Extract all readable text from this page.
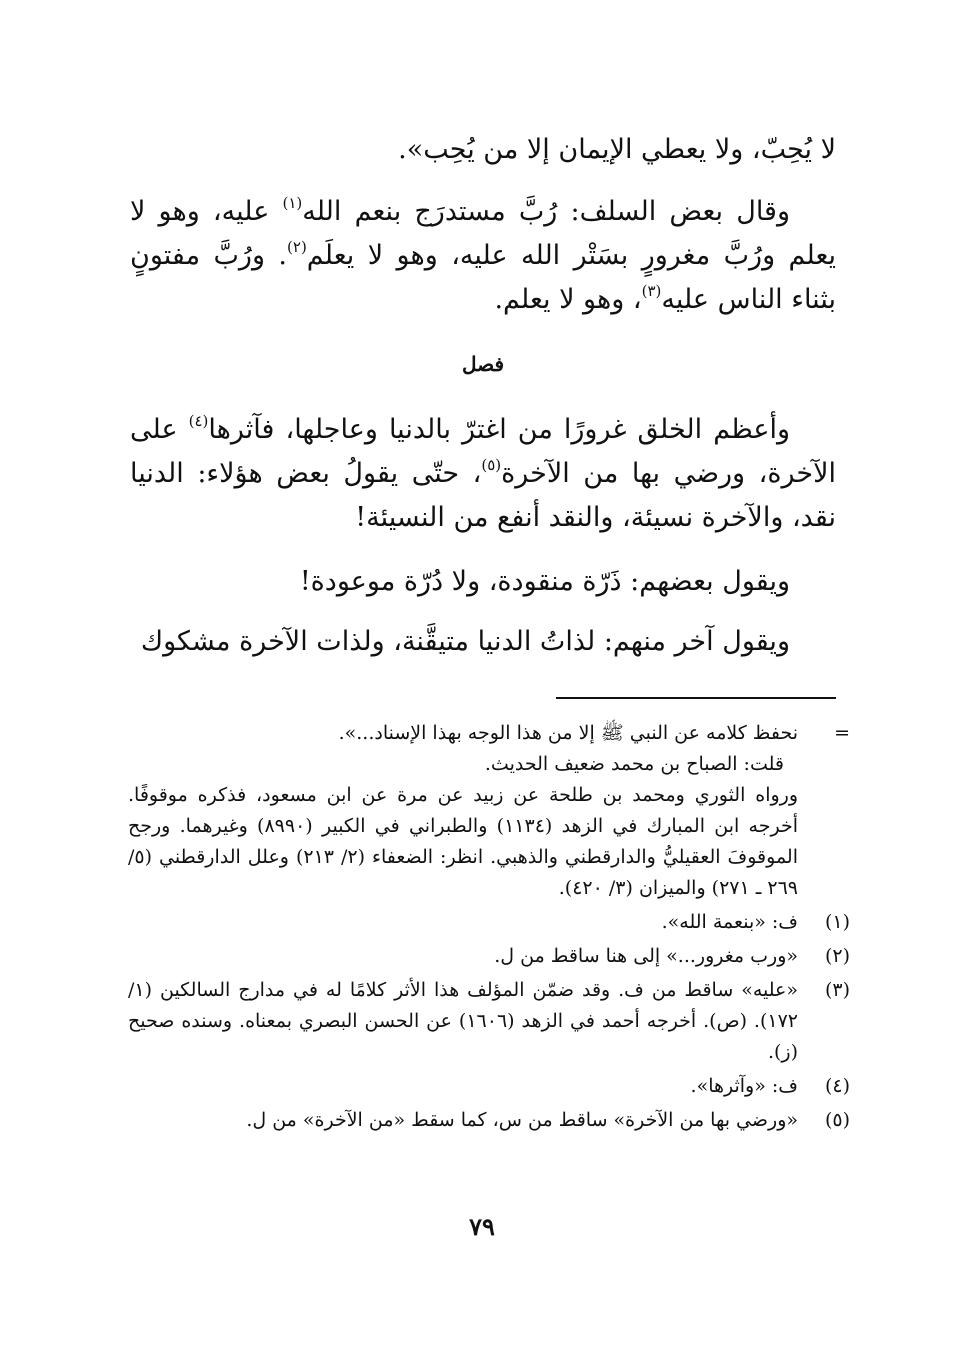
لا يُحِبّ، ولا يعطي الإيمان إلا من يُحِب».

وقال بعض السلف: رُبَّ مستدرَج بنعم الله$^{(١)}$ عليه، وهو لا يعلم ورُبَّ مغرورٍ بسَتْر الله عليه، وهو لا يعلَم$^{(٢)}$. ورُبَّ مفتونٍ بثناء الناس عليه$^{(٣)}$، وهو لا يعلم.

فصل

وأعظم الخلق غرورًا من اغترّ بالدنيا وعاجلها، فآثرها$^{(٤)}$ على الآخرة، ورضي بها من الآخرة$^{(٥)}$، حتّى يقولُ بعض هؤلاء: الدنيا نقد، والآخرة نسيئة، والنقد أنفع من النسيئة!

ويقول بعضهم: ذَرّة منقودة، ولا دُرّة موعودة!

ويقول آخر منهم: لذاتُ الدنيا متيقَّنة، ولذات الآخرة مشكوك

=
نحفظ كلامه عن النبي ﷺ إلا من هذا الوجه بهذا الإسناد...».
قلت: الصباح بن محمد ضعيف الحديث.
ورواه الثوري ومحمد بن طلحة عن زبيد عن مرة عن ابن مسعود، فذكره موقوفًا. أخرجه ابن المبارك في الزهد (١١٣٤) والطبراني في الكبير (٨٩٩٠) وغيرهما. ورجح الموقوفَ العقيليُّ والدارقطني والذهبي. انظر: الضعفاء (٢/ ٢١٣) وعلل الدارقطني (٥/ ٢٦٩ ـ ٢٧١) والميزان (٣/ ٤٢٠).
(١)
ف: «بنعمة الله».
(٢)
«ورب مغرور...» إلى هنا ساقط من ل.
(٣)
«عليه» ساقط من ف. وقد ضمّن المؤلف هذا الأثر كلامًا له في مدارج السالكين (١/ ١٧٢). (ص). أخرجه أحمد في الزهد (١٦٠٦) عن الحسن البصري بمعناه. وسنده صحيح (ز).
(٤)
ف: «وآثرها».
(٥)
«ورضي بها من الآخرة» ساقط من س، كما سقط «من الآخرة» من ل.
٧٩
